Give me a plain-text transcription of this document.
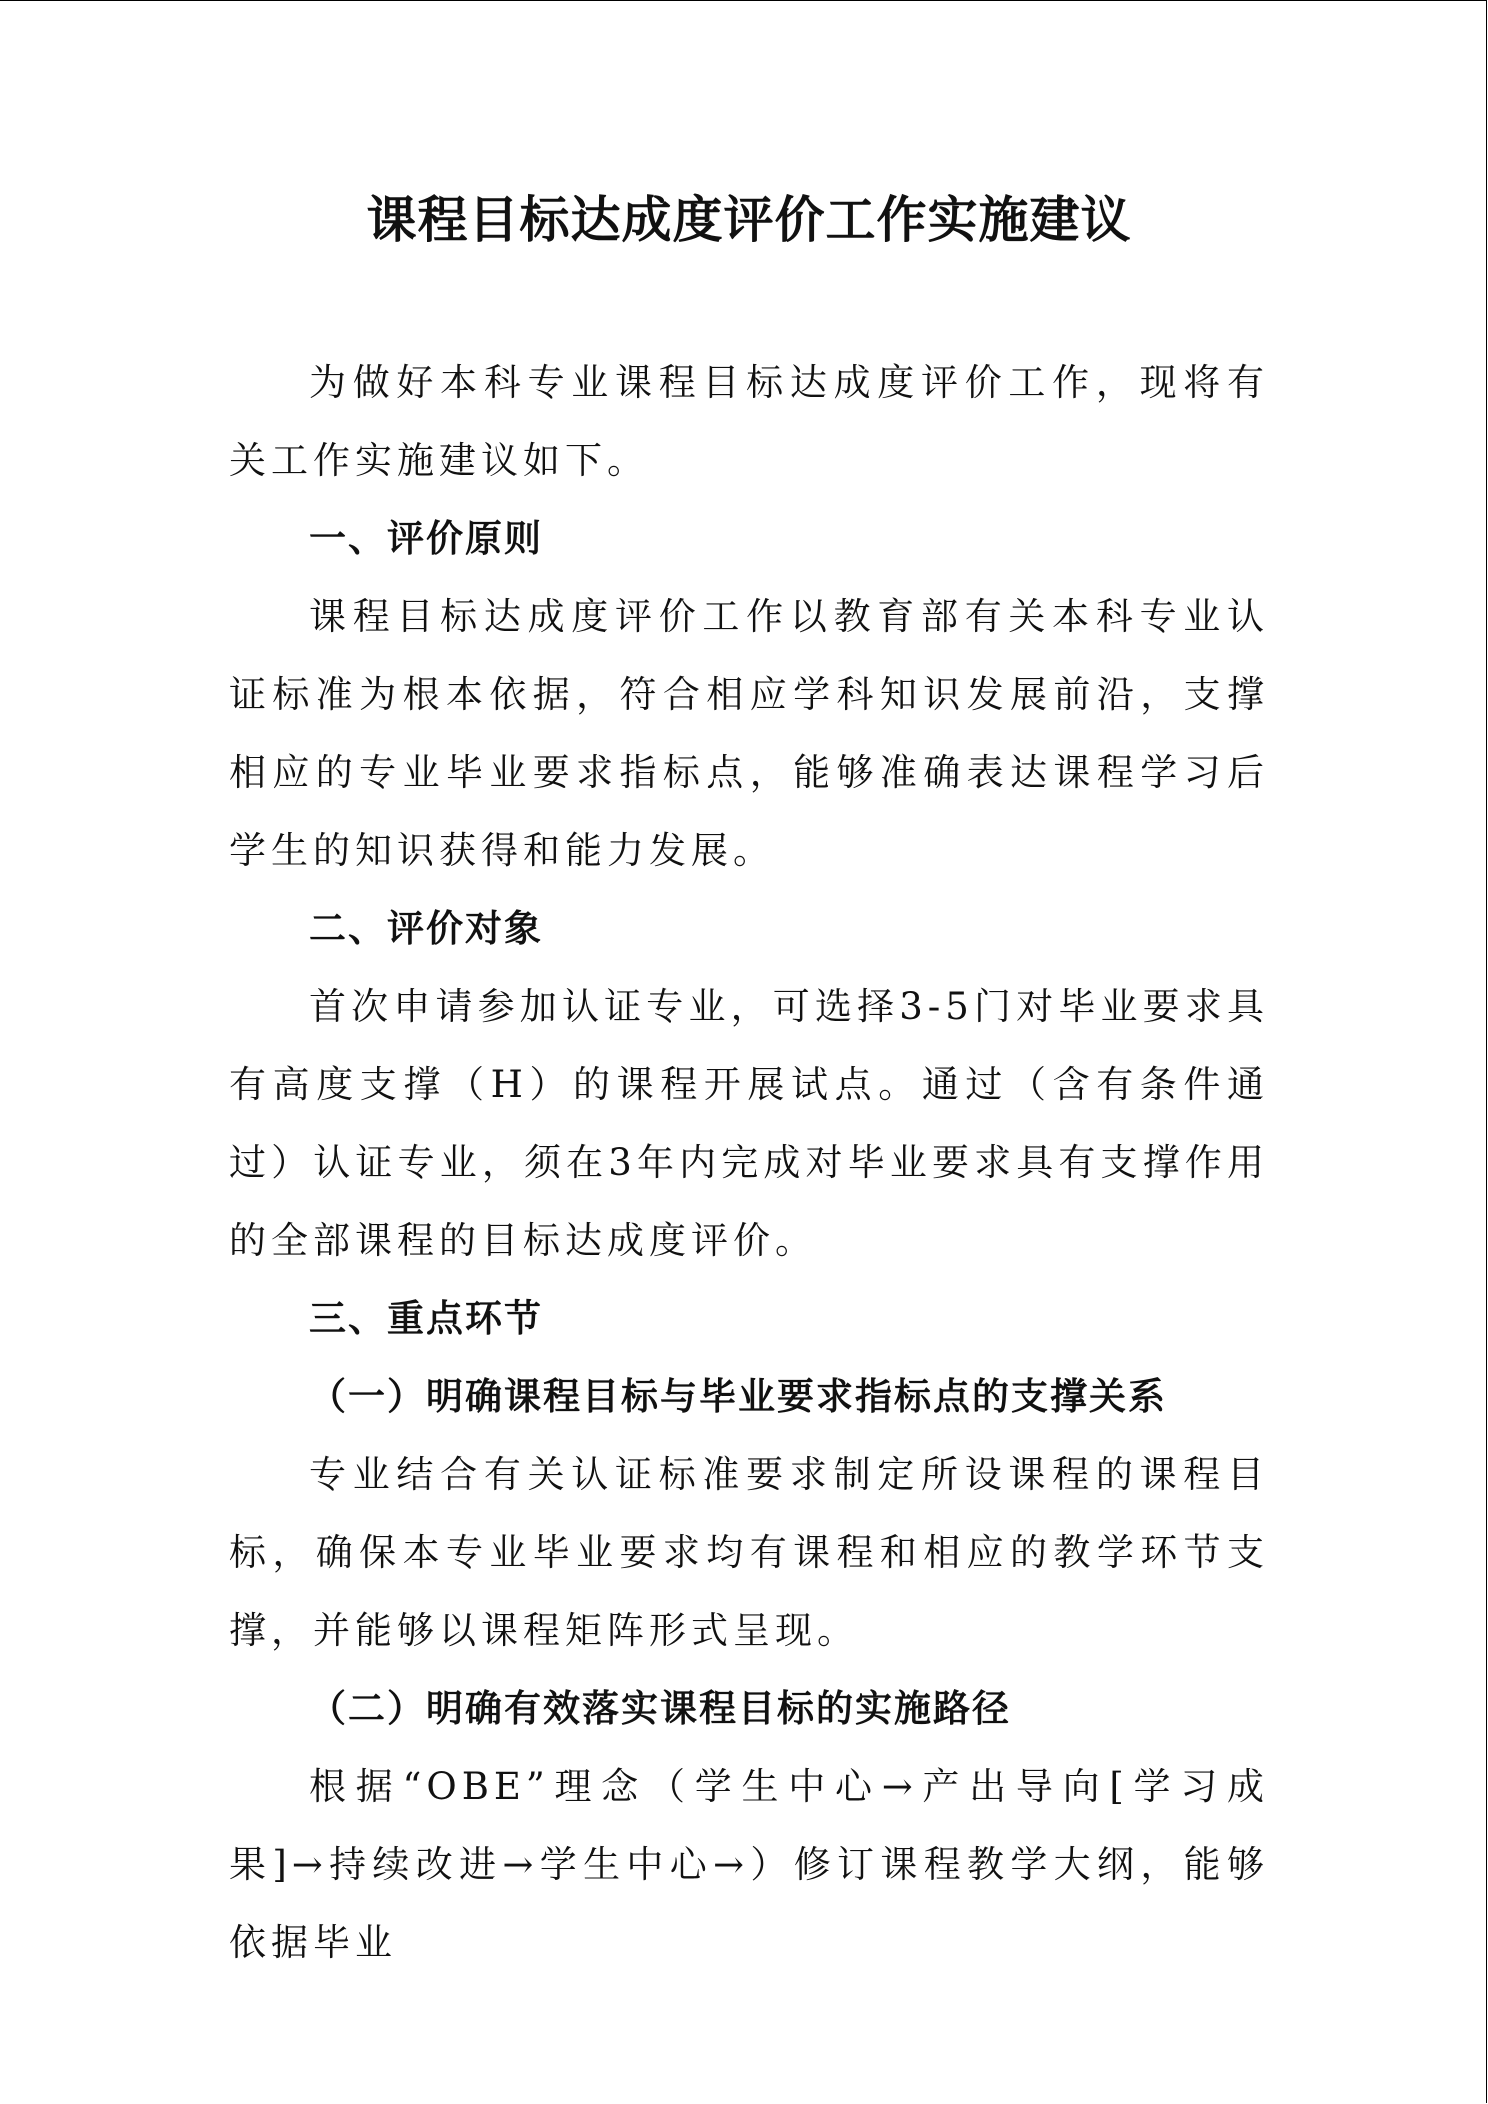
课程目标达成度评价工作实施建议

为做好本科专业课程目标达成度评价工作，现将有关工作实施建议如下。

一、评价原则

课程目标达成度评价工作以教育部有关本科专业认证标准为根本依据，符合相应学科知识发展前沿，支撑相应的专业毕业要求指标点，能够准确表达课程学习后学生的知识获得和能力发展。

二、评价对象

首次申请参加认证专业，可选择3-5门对毕业要求具有高度支撑（H）的课程开展试点。通过（含有条件通过）认证专业，须在3年内完成对毕业要求具有支撑作用的全部课程的目标达成度评价。

三、重点环节
（一）明确课程目标与毕业要求指标点的支撑关系

专业结合有关认证标准要求制定所设课程的课程目标，确保本专业毕业要求均有课程和相应的教学环节支撑，并能够以课程矩阵形式呈现。

（二）明确有效落实课程目标的实施路径

根据“OBE”理念（学生中心→产出导向[学习成果]→持续改进→学生中心→）修订课程教学大纲，能够依据毕业
